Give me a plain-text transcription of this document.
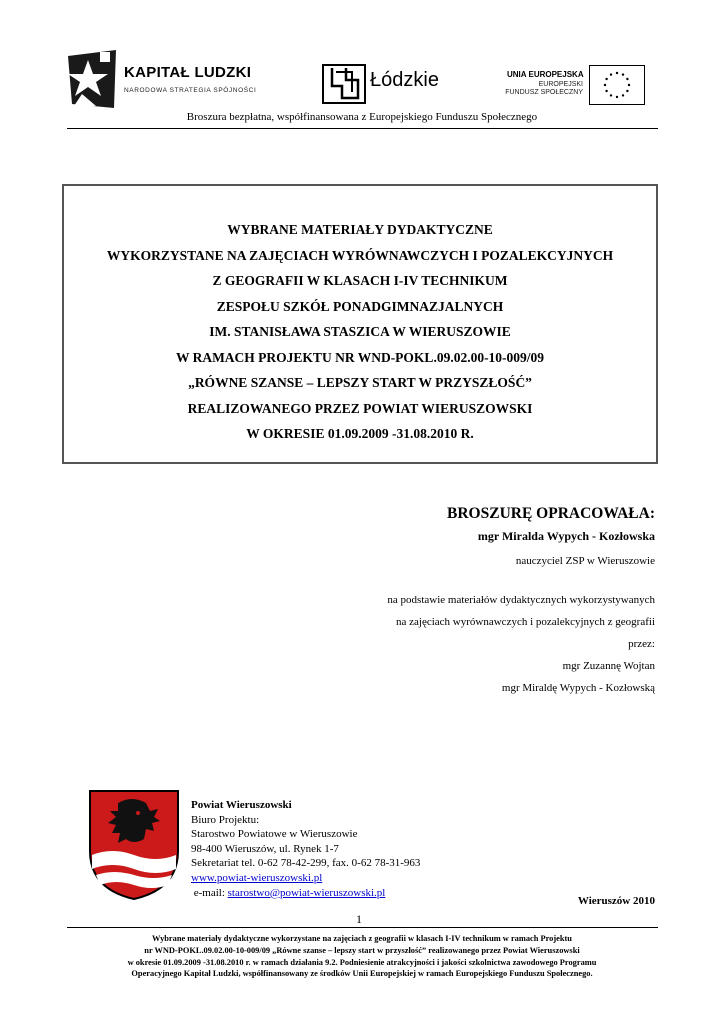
KAPITAŁ LUDZKI
NARODOWA STRATEGIA SPÓJNOŚCI	Łódzkie	UNIA EUROPEJSKA
EUROPEJSKI
FUNDUSZ SPOŁECZNY
Broszura bezpłatna, współfinansowana z Europejskiego Funduszu Społecznego
WYBRANE MATERIAŁY DYDAKTYCZNE
WYKORZYSTANE NA ZAJĘCIACH WYRÓWNAWCZYCH I POZALEKCYJNYCH
Z GEOGRAFII W KLASACH I-IV TECHNIKUM
ZESPOŁU SZKÓŁ PONADGIMNAZJALNYCH
IM. STANISŁAWA STASZICA W WIERUSZOWIE
W RAMACH PROJEKTU NR WND-POKL.09.02.00-10-009/09
„RÓWNE SZANSE – LEPSZY START W PRZYSZŁOŚĆ”
REALIZOWANEGO PRZEZ POWIAT WIERUSZOWSKI
W OKRESIE 01.09.2009 -31.08.2010 R.
BROSZURĘ OPRACOWAŁA:
mgr Miralda Wypych - Kozłowska
nauczyciel ZSP w Wieruszowie
na podstawie materiałów dydaktycznych wykorzystywanych
na zajęciach wyrównawczych i pozalekcyjnych z geografii
przez:
mgr Zuzannę Wojtan
mgr Miraldę Wypych - Kozłowską
Powiat Wieruszowski
Biuro Projektu:
Starostwo Powiatowe w Wieruszowie
98-400 Wieruszów, ul. Rynek 1-7
Sekretariat tel. 0-62 78-42-299, fax. 0-62 78-31-963
www.powiat-wieruszowski.pl
e-mail: starostwo@powiat-wieruszowski.pl
Wieruszów 2010
1
Wybrane materiały dydaktyczne wykorzystane na zajęciach z geografii w klasach I-IV technikum w ramach Projektu
nr WND-POKL.09.02.00-10-009/09 „Równe szanse – lepszy start w przyszłość” realizowanego przez Powiat Wieruszowski
w okresie 01.09.2009 -31.08.2010 r. w ramach działania 9.2. Podniesienie atrakcyjności i jakości szkolnictwa zawodowego Programu
Operacyjnego Kapitał Ludzki, współfinansowany ze środków Unii Europejskiej w ramach Europejskiego Funduszu Społecznego.
